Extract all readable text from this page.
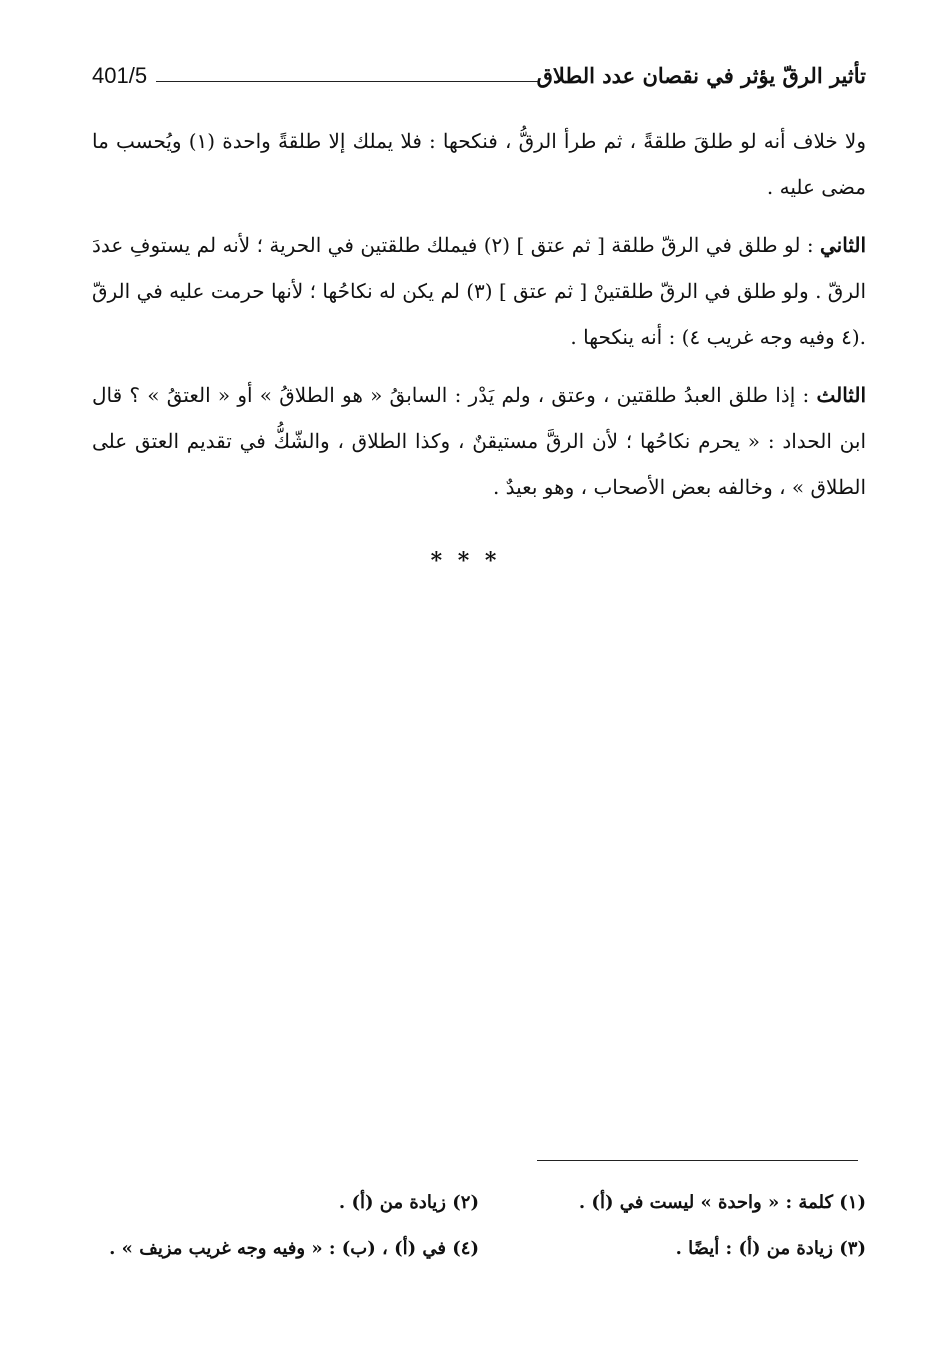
تأثير الرقّ يؤثر في نقصان عدد الطلاق
401/5

ولا خلاف أنه لو طلقَ طلقةً ، ثم طرأ الرقُّ ، فنكحها : فلا يملك إلا طلقةً واحدة (١) ويُحسب ما مضى عليه .

الثاني : لو طلق في الرقّ طلقة [ ثم عتق ] (٢) فيملك طلقتين في الحرية ؛ لأنه لم يستوفِ عددَ الرقّ . ولو طلق في الرقّ طلقتينْ [ ثم عتق ] (٣) لم يكن له نكاحُها ؛ لأنها حرمت عليه في الرقّ .(٤ وفيه وجه غريب ٤) : أنه ينكحها .

الثالث : إذا طلق العبدُ طلقتين ، وعتق ، ولم يَدْر : السابقُ « هو الطلاقُ » أو « العتقُ » ؟ قال ابن الحداد : « يحرم نكاحُها ؛ لأن الرقَّ مستيقنٌ ، وكذا الطلاق ، والشّكُّ في تقديم العتق على الطلاق » ، وخالفه بعض الأصحاب ، وهو بعيدٌ .

* * *
(١) كلمة : « واحدة » ليست في (أ) .
(٢) زيادة من (أ) .
(٣) زيادة من (أ) : أيضًا .
(٤) في (أ) ، (ب) : « وفيه وجه غريب مزيف » .
